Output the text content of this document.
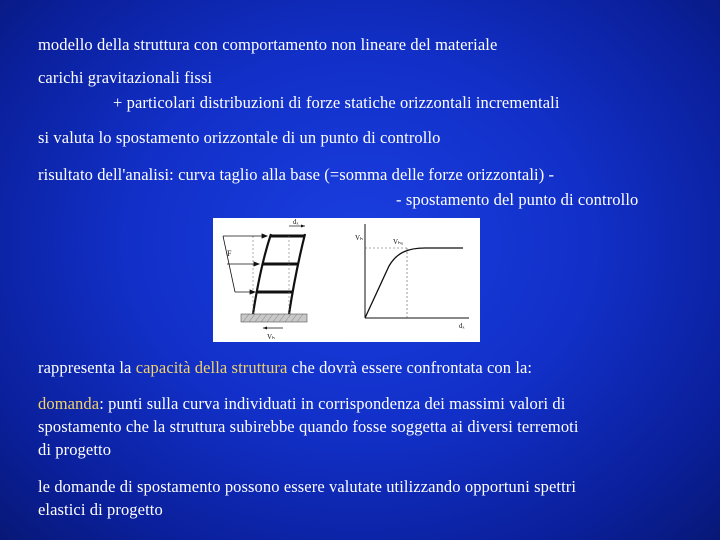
modello della struttura con comportamento non lineare del materiale
carichi gravitazionali fissi
+ particolari distribuzioni di forze statiche orizzontali incrementali
si valuta lo spostamento orizzontale di un punto di controllo
risultato dell'analisi: curva taglio alla base (=somma delle forze orizzontali) -
- spostamento del punto di controllo
F
dₓ
Vₕ
Vₕ	Vₕᵤ
dₓ
rappresenta la capacità della struttura che dovrà essere confrontata con la:
domanda: punti sulla curva individuati in corrispondenza dei massimi valori di
spostamento che la struttura subirebbe quando fosse soggetta ai diversi terremoti
di progetto
le domande di spostamento possono essere valutate utilizzando opportuni spettri
elastici di progetto
